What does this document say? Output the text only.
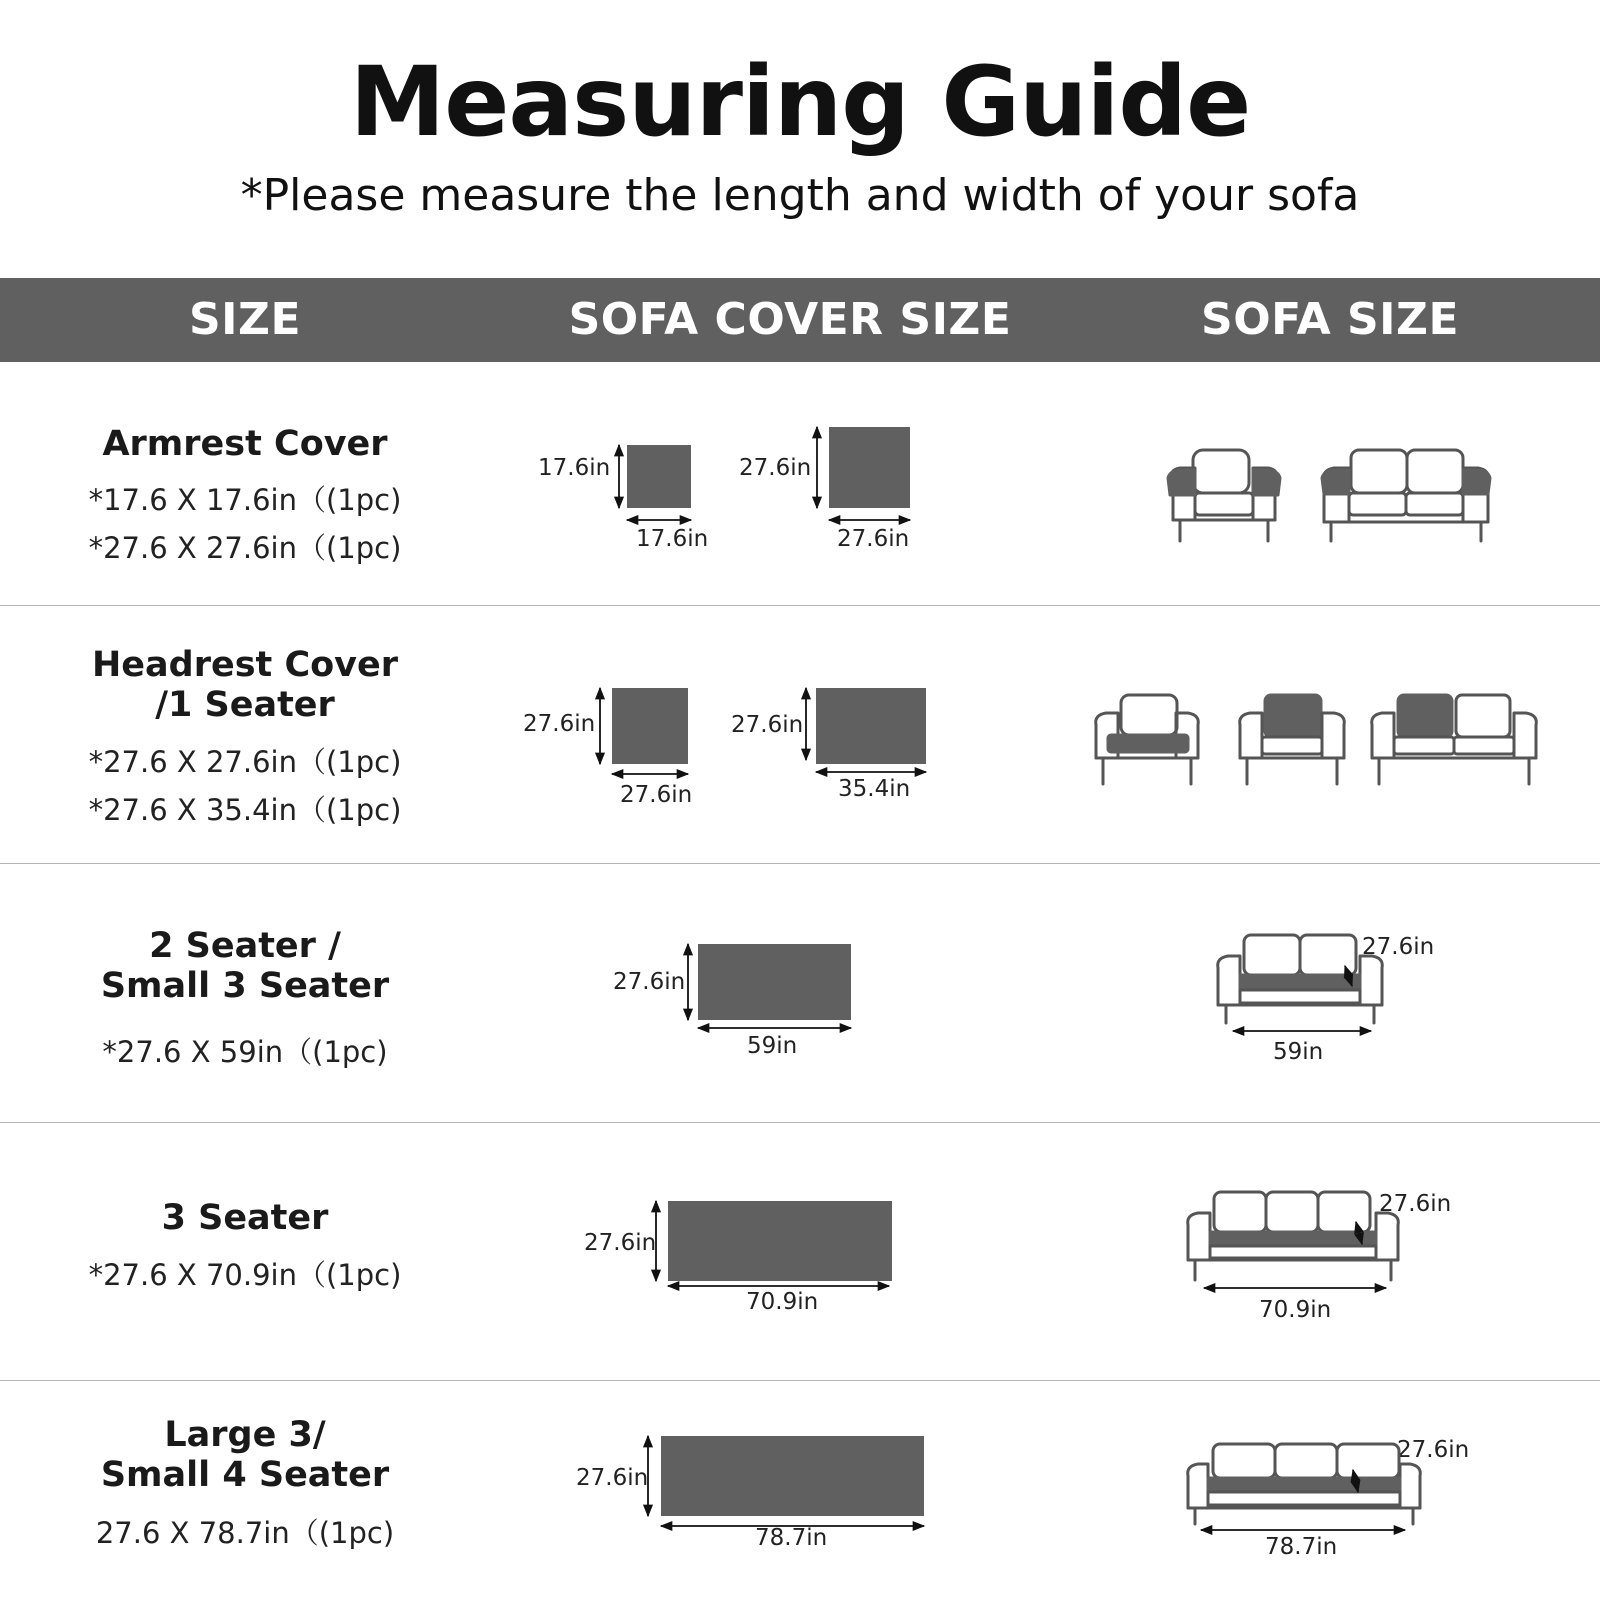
Measuring Guide
*Please measure the length and width of your sofa
SIZE	SOFA COVER SIZE	SOFA SIZE
Armrest Cover
*17.6 X 17.6in（(1pc)
*27.6 X 27.6in（(1pc)
17.6in
17.6in
27.6in
27.6in
Headrest Cover
/1 Seater
*27.6 X 27.6in（(1pc)
*27.6 X 35.4in（(1pc)
27.6in
27.6in
27.6in
35.4in
2 Seater /
Small 3 Seater
*27.6 X 59in（(1pc)
27.6in
59in
27.6in
59in
3 Seater
*27.6 X 70.9in（(1pc)
27.6in
70.9in
27.6in
70.9in
Large 3/
Small 4 Seater
27.6 X 78.7in（(1pc)
27.6in
78.7in
27.6in
78.7in
